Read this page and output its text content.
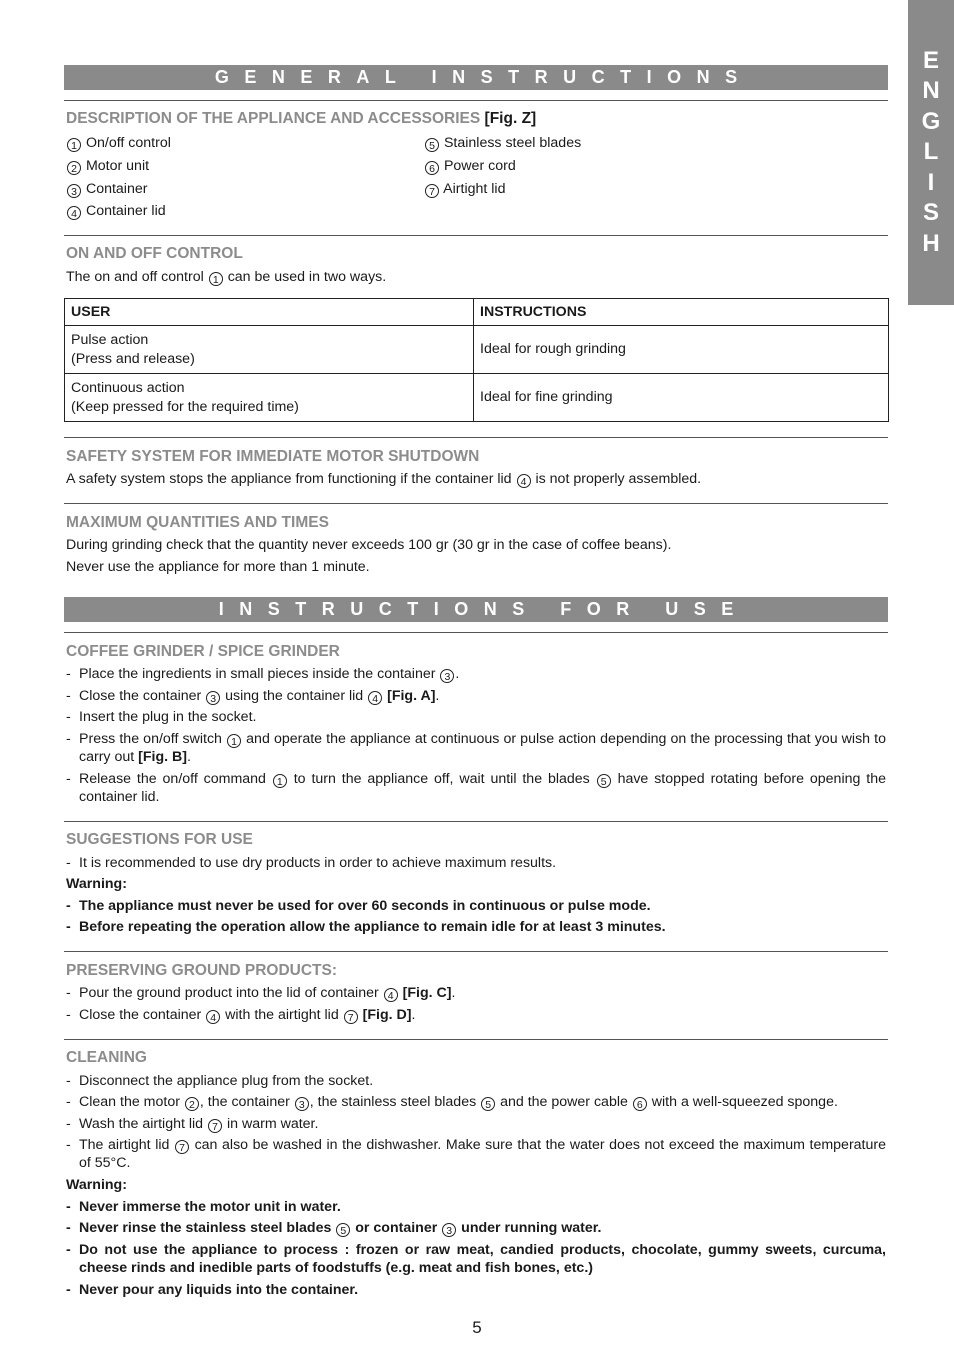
E
N
G
L
I
S
H
GENERAL INSTRUCTIONS
DESCRIPTION OF THE APPLIANCE AND ACCESSORIES [Fig. Z]
1 On/off control
2 Motor unit
3 Container
4 Container lid
5 Stainless steel blades
6 Power cord
7 Airtight lid
ON AND OFF CONTROL
The on and off control 1 can be used in two ways.
USER	INSTRUCTIONS

Pulse action
(Press and release)	Ideal for rough grinding

Continuous action
(Keep pressed for the required time)	Ideal for fine grinding
SAFETY SYSTEM FOR IMMEDIATE MOTOR SHUTDOWN
A safety system stops the appliance from functioning if the container lid 4 is not properly assembled.
MAXIMUM QUANTITIES AND TIMES
During grinding check that the quantity never exceeds 100 gr (30 gr in the case of coffee beans).
Never use the appliance for more than 1 minute.
INSTRUCTIONS FOR USE
COFFEE GRINDER / SPICE GRINDER
- Place the ingredients in small pieces inside the container 3 .
- Close the container 3 using the container lid 4 [Fig. A].
- Insert the plug in the socket.
- Press the on/off switch 1 and operate the appliance at continuous or pulse action depending on the processing that you wish to carry out [Fig. B].
- Release the on/off command 1 to turn the appliance off, wait until the blades 5 have stopped rotating before opening the container lid.
SUGGESTIONS FOR USE
- It is recommended to use dry products in order to achieve maximum results.
Warning:
- The appliance must never be used for over 60 seconds in continuous or pulse mode.
- Before repeating the operation allow the appliance to remain idle for at least 3 minutes.
PRESERVING GROUND PRODUCTS:
- Pour the ground product into the lid of container 4 [Fig. C].
- Close the container 4 with the airtight lid 7 [Fig. D].
CLEANING
- Disconnect the appliance plug from the socket.
- Clean the motor 2 , the container 3 , the stainless steel blades 5 and the power cable 6 with a well-squeezed sponge.
- Wash the airtight lid 7 in warm water.
- The airtight lid 7 can also be washed in the dishwasher. Make sure that the water does not exceed the maximum temperature of 55°C.
Warning:
- Never immerse the motor unit in water.
- Never rinse the stainless steel blades 5 or container 3 under running water.
- Do not use the appliance to process : frozen or raw meat, candied products, chocolate, gummy sweets, curcuma, cheese rinds and inedible parts of foodstuffs (e.g. meat and fish bones, etc.)
- Never pour any liquids into the container.
5
